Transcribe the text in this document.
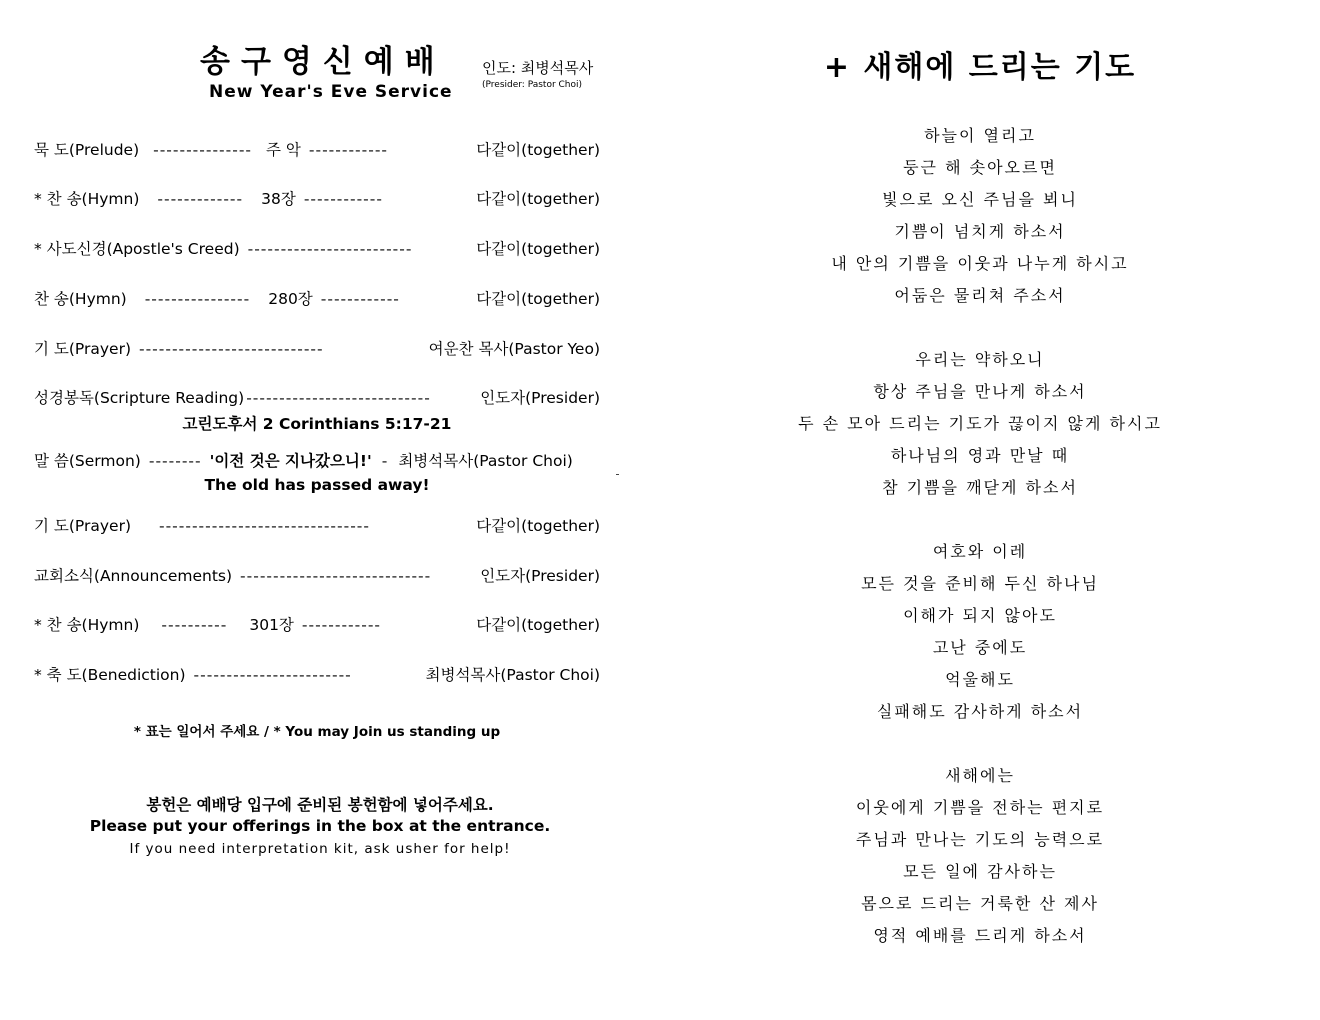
송구영신예배
New Year's Eve Service
인도: 최병석목사
(Presider: Pastor Choi)
묵 도(Prelude) --------------- 주 악 ------------	다같이(together)
* 찬 송(Hymn) ------------- 38장 ------------	다같이(together)
* 사도신경(Apostle's Creed) -------------------------	다같이(together)
찬 송(Hymn) ---------------- 280장 ------------	다같이(together)
기 도(Prayer) ----------------------------	여운찬 목사(Pastor Yeo)
성경봉독(Scripture Reading) ----------------------------	인도자(Presider)
고린도후서 2 Corinthians 5:17-21
말 씀(Sermon) -------- '이전 것은 지나갔으니!' - 최병석목사(Pastor Choi)
The old has passed away!
기 도(Prayer) --------------------------------	다같이(together)
교회소식(Announcements) -----------------------------	인도자(Presider)
* 찬 송(Hymn) ---------- 301장 ------------	다같이(together)
* 축 도(Benediction) ------------------------	최병석목사(Pastor Choi)
* 표는 일어서 주세요 / * You may Join us standing up
봉헌은 예배당 입구에 준비된 봉헌함에 넣어주세요.
Please put your offerings in the box at the entrance.
If you need interpretation kit, ask usher for help!
+ 새해에 드리는 기도
하늘이 열리고
둥근 해 솟아오르면
빛으로 오신 주님을 뵈니
기쁨이 넘치게 하소서
내 안의 기쁨을 이웃과 나누게 하시고
어둠은 물리쳐 주소서
우리는 약하오니
항상 주님을 만나게 하소서
두 손 모아 드리는 기도가 끊이지 않게 하시고
하나님의 영과 만날 때
참 기쁨을 깨닫게 하소서
여호와 이레
모든 것을 준비해 두신 하나님
이해가 되지 않아도
고난 중에도
억울해도
실패해도 감사하게 하소서
새해에는
이웃에게 기쁨을 전하는 편지로
주님과 만나는 기도의 능력으로
모든 일에 감사하는
몸으로 드리는 거룩한 산 제사
영적 예배를 드리게 하소서
